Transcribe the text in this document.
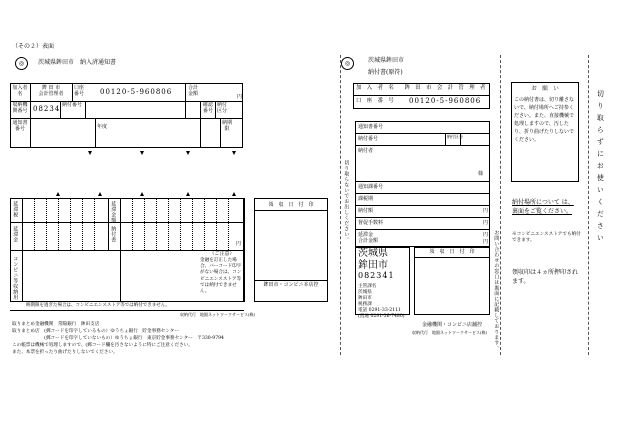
（その２）表面
◎	茨城県鉾田市　納入済通知書
加入者名
鉾 田 市
会計管理者
口座番号 00120-5-960806	合計金額
円
収納機関番号 08234 納付番号	確認番号
納付区分
通知書番号	年度
納期限
延滞税
延滞金
コンビニ等収納用
延滞金額
納付書
円
（ご注意）
金融を訂正した場合、バーコード印字がない場合は、コンビニエンスストア等では納付できません。
領　収　日　付　印
鉾田市・コンビニ本店控
納期限を過ぎた場合は、コンビニエンスストア等では納付できません。
収納代行　地銀ネットワークサービス(株)
取りまとめ金融機関　常陽銀行　鉾田支店
取りまとめ店　(郵コードを印字しているもの）ゆうちょ銀行　貯金事務センター
　　　　　　　(郵コードを印字していないもの）ゆうちょ銀行　東京貯金事務センター　〒330-9794
この帳票は機械で処理しますので、(郵コード欄を汚さないように特にご注意ください。
また、本票を折ったり曲げたりしないでください。
切り取らないでお出しください。
お問い合わせの窓口は裏面に記載しております。
◎	茨城県鉾田市
納付書(原符)
加　入　者　名　　鉾　田　市　会　計　管　理　者
口　座　番　号 00120-5-960806
通知書番号
納付番号	納付区分
納付者
様
通知課番号
課税期
納付額	円
督促手数料	円
延滞金	円
合計金額	円
茨城県
鉾田市
082341
主管課名
茨城県
鉾田市
税務課
電話 0291-33-2111
(直通 0291-36-7480)
領　収　日　付　印
金融機関・コンビニ店舗控
収納代行　地銀ネットワークサービス(株)
お　願　い
この納付書は、切り離さないで、納付場所へご持参ください。また、直接機械で処理しますので、汚したり、折り曲げたりしないでください。
納付場所について は、裏面をご覧ください。
※コンビニエンスストアでも納付できます。
領収印は４ヵ所押印されます。
切り取らずにお使いください
